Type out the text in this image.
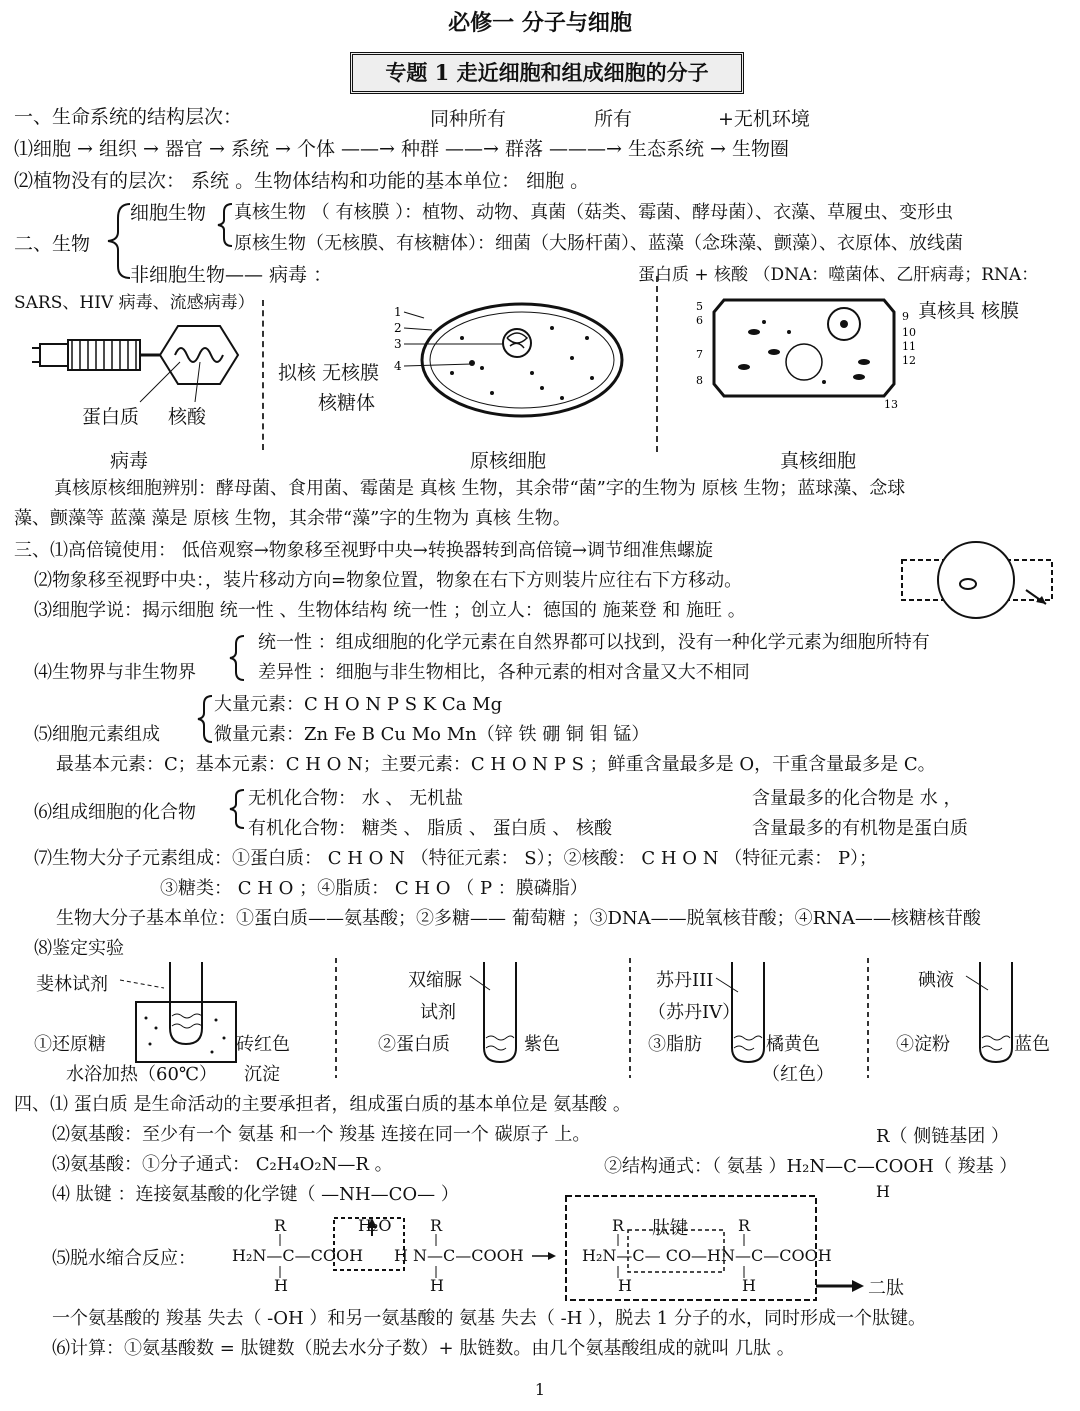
必修一 分子与细胞
专题 1 走近细胞和组成细胞的分子
一、生命系统的结构层次：	同种所有	所有	+无机环境
⑴细胞 → 组织 → 器官 → 系统 → 个体 ——→ 种群 ——→ 群落 ———→ 生态系统 → 生物圈
⑵植物没有的层次： 系统 。生物体结构和功能的基本单位： 细胞 。
二、生物
细胞生物 真核生物 （ 有核膜 ）：植物、动物、真菌（菇类、霉菌、酵母菌）、衣藻、草履虫、变形虫
原核生物（无核膜、有核糖体）：细菌（大肠杆菌）、蓝藻（念珠藻、颤藻）、衣原体、放线菌
非细胞生物—— 病毒 ：	蛋白质 + 核酸 （DNA：噬菌体、乙肝病毒；RNA：
SARS、HIV 病毒、流感病毒）
蛋白质 核酸
病毒
拟核 无核膜
核糖体
1
2
3
4
原核细胞
5
6
7
8
9
10
11
12
13
真核具 核膜
真核细胞
真核原核细胞辨别：酵母菌、食用菌、霉菌是 真核 生物，其余带“菌”字的生物为 原核 生物；蓝球藻、念球
藻、颤藻等 蓝藻 藻是 原核 生物，其余带“藻”字的生物为 真核 生物。
三、⑴高倍镜使用： 低倍观察→物象移至视野中央→转换器转到高倍镜→调节细准焦螺旋
⑵物象移至视野中央：，装片移动方向=物象位置，物象在右下方则装片应往右下方移动。
⑶细胞学说：揭示细胞 统一性 、生物体结构 统一性 ；创立人：德国的 施莱登 和 施旺 。
统一性 ：组成细胞的化学元素在自然界都可以找到，没有一种化学元素为细胞所特有
⑷生物界与非生物界	差异性 ：细胞与非生物相比，各种元素的相对含量又大不相同
大量元素：C H O N P S K Ca Mg
⑸细胞元素组成	微量元素：Zn Fe B Cu Mo Mn（锌 铁 硼 铜 钼 锰）
最基本元素：C；基本元素：C H O N；主要元素：C H O N P S ；鲜重含量最多是 O，干重含量最多是 C。
⑹组成细胞的化合物
无机化合物： 水 、 无机盐	含量最多的化合物是 水 ，
有机化合物： 糖类 、 脂质 、 蛋白质 、 核酸	含量最多的有机物是蛋白质
⑺生物大分子元素组成：①蛋白质： C H O N （特征元素： S）；②核酸： C H O N （特征元素： P）；
③糖类： C H O ；④脂质： C H O （ P ：膜磷脂）
生物大分子基本单位：①蛋白质——氨基酸；②多糖—— 葡萄糖 ；③DNA——脱氧核苷酸；④RNA——核糖核苷酸
⑻鉴定实验
斐林试剂
①还原糖	砖红色
水浴加热（60℃） 沉淀
双缩脲
试剂
②蛋白质	紫色
苏丹III
（苏丹IV）
③脂肪	橘黄色
（红色）
碘液
④淀粉	蓝色
四、⑴ 蛋白质 是生命活动的主要承担者，组成蛋白质的基本单位是 氨基酸 。
⑵氨基酸：至少有一个 氨基 和一个 羧基 连接在同一个 碳原子 上。	R（ 侧链基团 ）
⑶氨基酸：①分子通式： C₂H₄O₂N—R 。	②结构通式：（ 氨基 ）H₂N—C—COOH（ 羧基 ）
H
⑷ 肽键 ：连接氨基酸的化学键（ —NH—CO— ）
⑸脱水缩合反应：
R
H₂N—C—COOH
H
H₂O R
H N—C—COOH
H
R 肽键	R
H₂N—C— CO—HN—C—COOH
H	H	二肽
一个氨基酸的 羧基 失去（ -OH ）和另一氨基酸的 氨基 失去（ -H ），脱去 1 分子的水，同时形成一个肽键。
⑹计算：①氨基酸数 = 肽键数（脱去水分子数）+ 肽链数。由几个氨基酸组成的就叫 几肽 。
1
